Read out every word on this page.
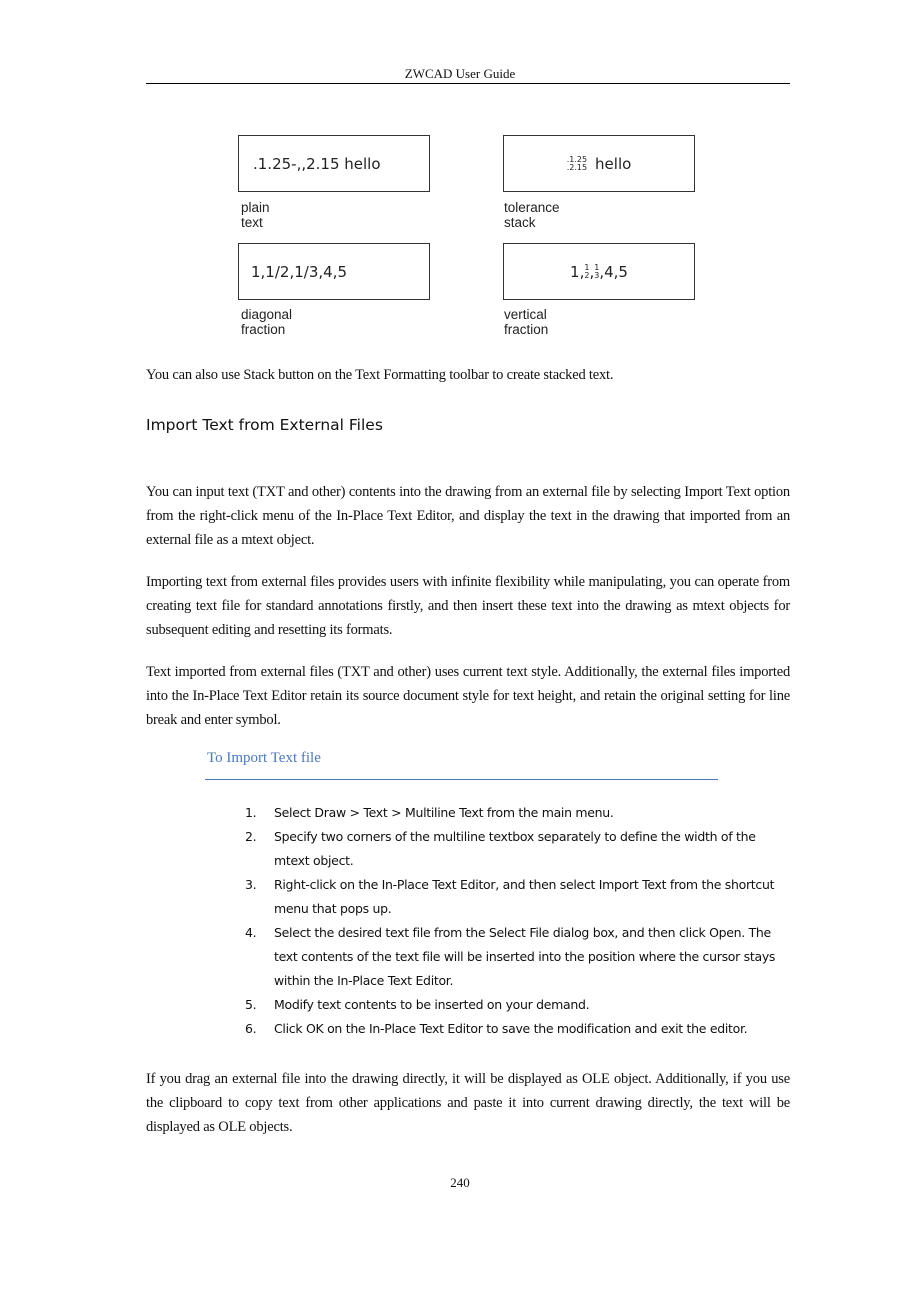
ZWCAD User Guide
.1.25-,,2.15 hello
plain text
.1.25
.2.15 hello
tolerance stack
1,1/2,1/3,4,5
diagonal fraction
1, 1
2 , 1
3 ,4,5
vertical fraction
You can also use Stack button on the Text Formatting toolbar to create stacked text.
Import Text from External Files
You can input text (TXT and other) contents into the drawing from an external file by selecting Import Text option from the right-click menu of the In-Place Text Editor, and display the text in the drawing that imported from an external file as a mtext object.
Importing text from external files provides users with infinite flexibility while manipulating, you can operate from creating text file for standard annotations firstly, and then insert these text into the drawing as mtext objects for subsequent editing and resetting its formats.
Text imported from external files (TXT and other) uses current text style. Additionally, the external files imported into the In-Place Text Editor retain its source document style for text height, and retain the original setting for line break and enter symbol.
To Import Text file
1. Select Draw > Text > Multiline Text from the main menu.
2. Specify two corners of the multiline textbox separately to define the width of the mtext object.
3. Right-click on the In-Place Text Editor, and then select Import Text from the shortcut menu that pops up.
4. Select the desired text file from the Select File dialog box, and then click Open. The text contents of the text file will be inserted into the position where the cursor stays within the In-Place Text Editor.
5. Modify text contents to be inserted on your demand.
6. Click OK on the In-Place Text Editor to save the modification and exit the editor.
If you drag an external file into the drawing directly, it will be displayed as OLE object. Additionally, if you use the clipboard to copy text from other applications and paste it into current drawing directly, the text will be displayed as OLE objects.
240
